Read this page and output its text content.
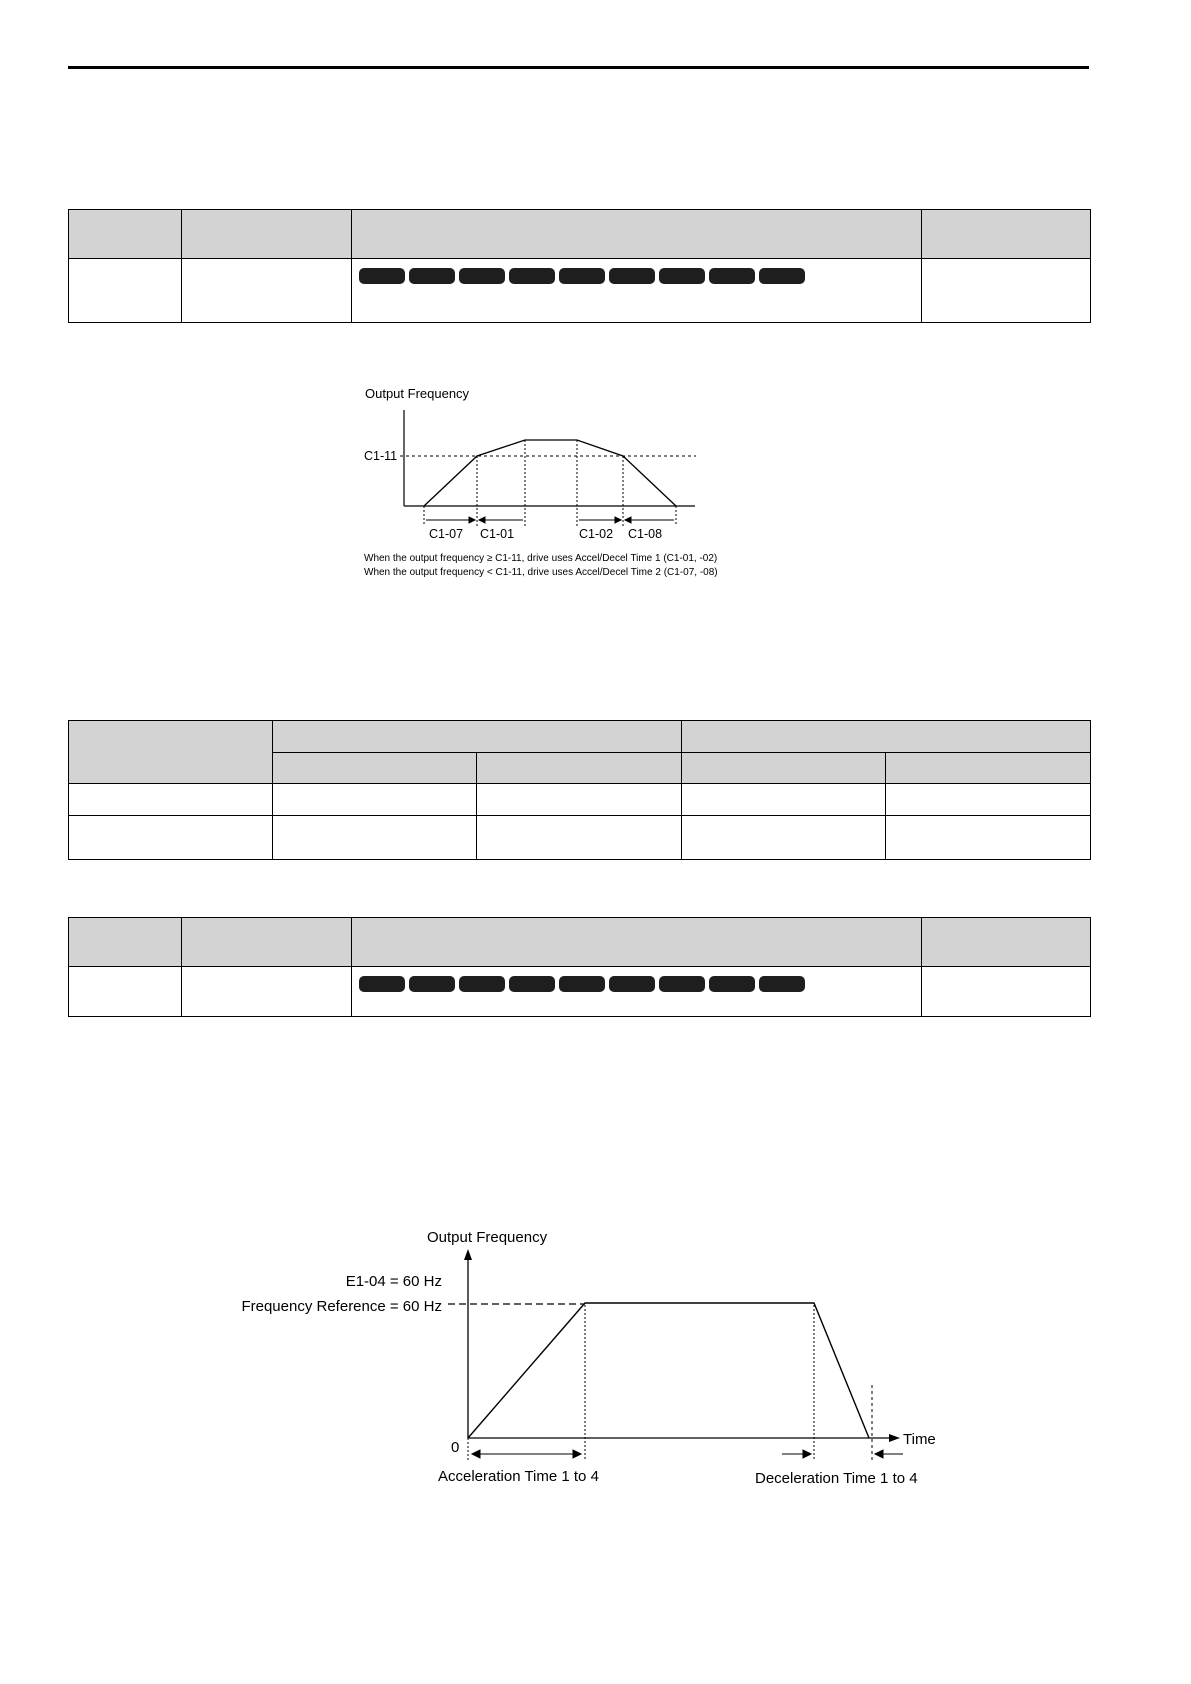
Output Frequency
C1-11
C1-07 C1-01	C1-02 C1-08
When the output frequency ≥ C1-11, drive uses Accel/Decel Time 1 (C1-01, -02)
When the output frequency < C1-11, drive uses Accel/Decel Time 2 (C1-07, -08)

Output Frequency
Time
0
E1-04 = 60 Hz
Frequency Reference = 60 Hz
Acceleration Time 1 to 4	Deceleration Time 1 to 4
